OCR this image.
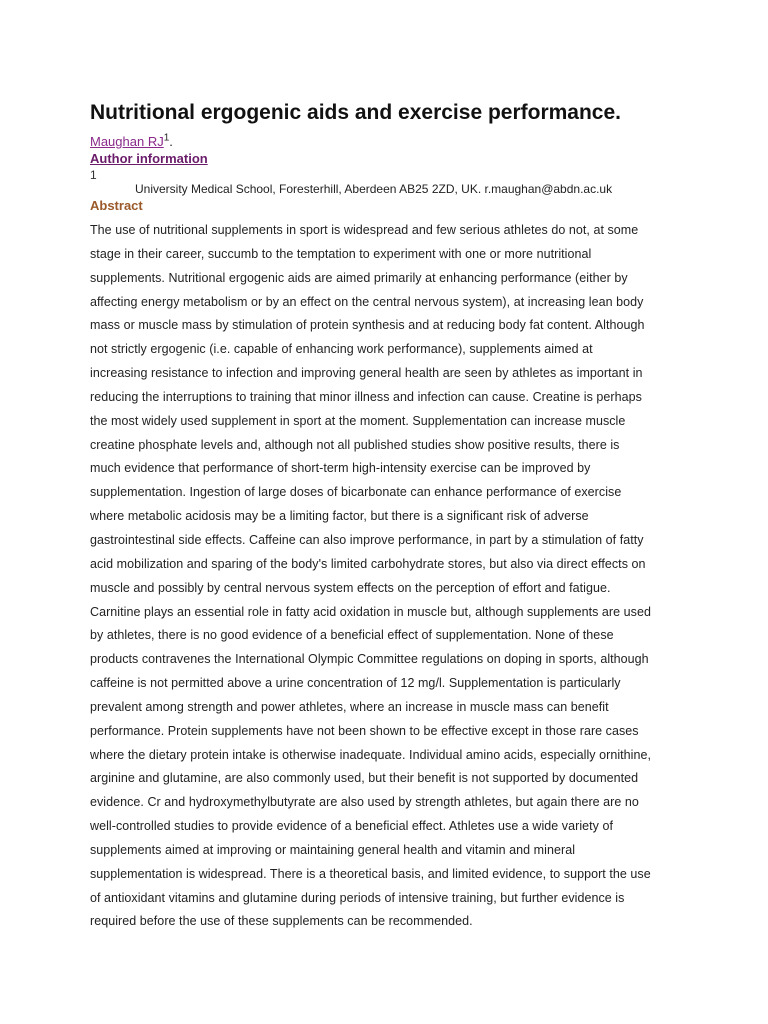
Nutritional ergogenic aids and exercise performance.
Maughan $RJ^1$.
Author information
1
University Medical School, Foresterhill, Aberdeen AB25 2ZD, UK. r.maughan@abdn.ac.uk
Abstract
The use of nutritional supplements in sport is widespread and few serious athletes do not, at some
stage in their career, succumb to the temptation to experiment with one or more nutritional
supplements. Nutritional ergogenic aids are aimed primarily at enhancing performance (either by
affecting energy metabolism or by an effect on the central nervous system), at increasing lean body
mass or muscle mass by stimulation of protein synthesis and at reducing body fat content. Although
not strictly ergogenic (i.e. capable of enhancing work performance), supplements aimed at
increasing resistance to infection and improving general health are seen by athletes as important in
reducing the interruptions to training that minor illness and infection can cause. Creatine is perhaps
the most widely used supplement in sport at the moment. Supplementation can increase muscle
creatine phosphate levels and, although not all published studies show positive results, there is
much evidence that performance of short-term high-intensity exercise can be improved by
supplementation. Ingestion of large doses of bicarbonate can enhance performance of exercise
where metabolic acidosis may be a limiting factor, but there is a significant risk of adverse
gastrointestinal side effects. Caffeine can also improve performance, in part by a stimulation of fatty
acid mobilization and sparing of the body's limited carbohydrate stores, but also via direct effects on
muscle and possibly by central nervous system effects on the perception of effort and fatigue.
Carnitine plays an essential role in fatty acid oxidation in muscle but, although supplements are used
by athletes, there is no good evidence of a beneficial effect of supplementation. None of these
products contravenes the International Olympic Committee regulations on doping in sports, although
caffeine is not permitted above a urine concentration of 12 mg/l. Supplementation is particularly
prevalent among strength and power athletes, where an increase in muscle mass can benefit
performance. Protein supplements have not been shown to be effective except in those rare cases
where the dietary protein intake is otherwise inadequate. Individual amino acids, especially ornithine,
arginine and glutamine, are also commonly used, but their benefit is not supported by documented
evidence. Cr and hydroxymethylbutyrate are also used by strength athletes, but again there are no
well-controlled studies to provide evidence of a beneficial effect. Athletes use a wide variety of
supplements aimed at improving or maintaining general health and vitamin and mineral
supplementation is widespread. There is a theoretical basis, and limited evidence, to support the use
of antioxidant vitamins and glutamine during periods of intensive training, but further evidence is
required before the use of these supplements can be recommended.
